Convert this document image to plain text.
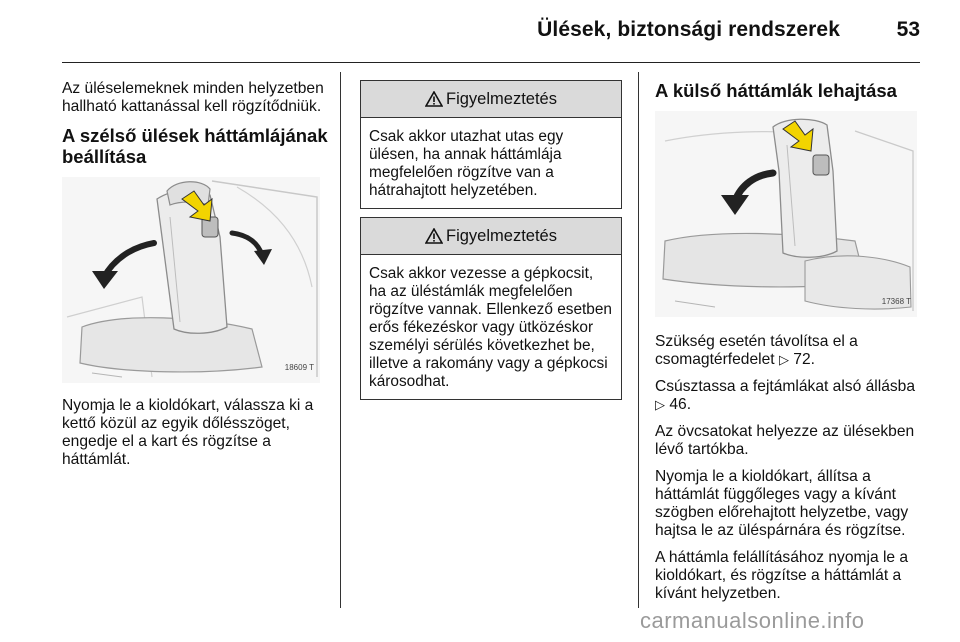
Ülések, biztonsági rendszerek	53

Az üléselemeknek minden helyzetben hallható kattanással kell rögzítődniük.

A szélső ülések háttámlájának beállítása
18609 T

Nyomja le a kioldókart, válassza ki a kettő közül az egyik dőlésszöget, engedje el a kart és rögzítse a háttámlát.

Figyelmeztetés
Csak akkor utazhat utas egy ülésen, ha annak háttámlája megfelelően rögzítve van a hátrahajtott helyzetében.
Figyelmeztetés
Csak akkor vezesse a gépkocsit, ha az üléstámlák megfelelően rögzítve vannak. Ellenkező esetben erős fékezéskor vagy ütközéskor személyi sérülés következhet be, illetve a rakomány vagy a gépkocsi károsodhat.
A külső háttámlák lehajtása
17368 T

Szükség esetén távolítsa el a csomagtérfedelet ▷ 72.

Csúsztassa a fejtámlákat alsó állásba ▷ 46.

Az övcsatokat helyezze az ülésekben lévő tartókba.

Nyomja le a kioldókart, állítsa a háttámlát függőleges vagy a kívánt szögben előrehajtott helyzetbe, vagy hajtsa le az üléspárnára és rögzítse.

A háttámla felállításához nyomja le a kioldókart, és rögzítse a háttámlát a kívánt helyzetben.

carmanualsonline.info
